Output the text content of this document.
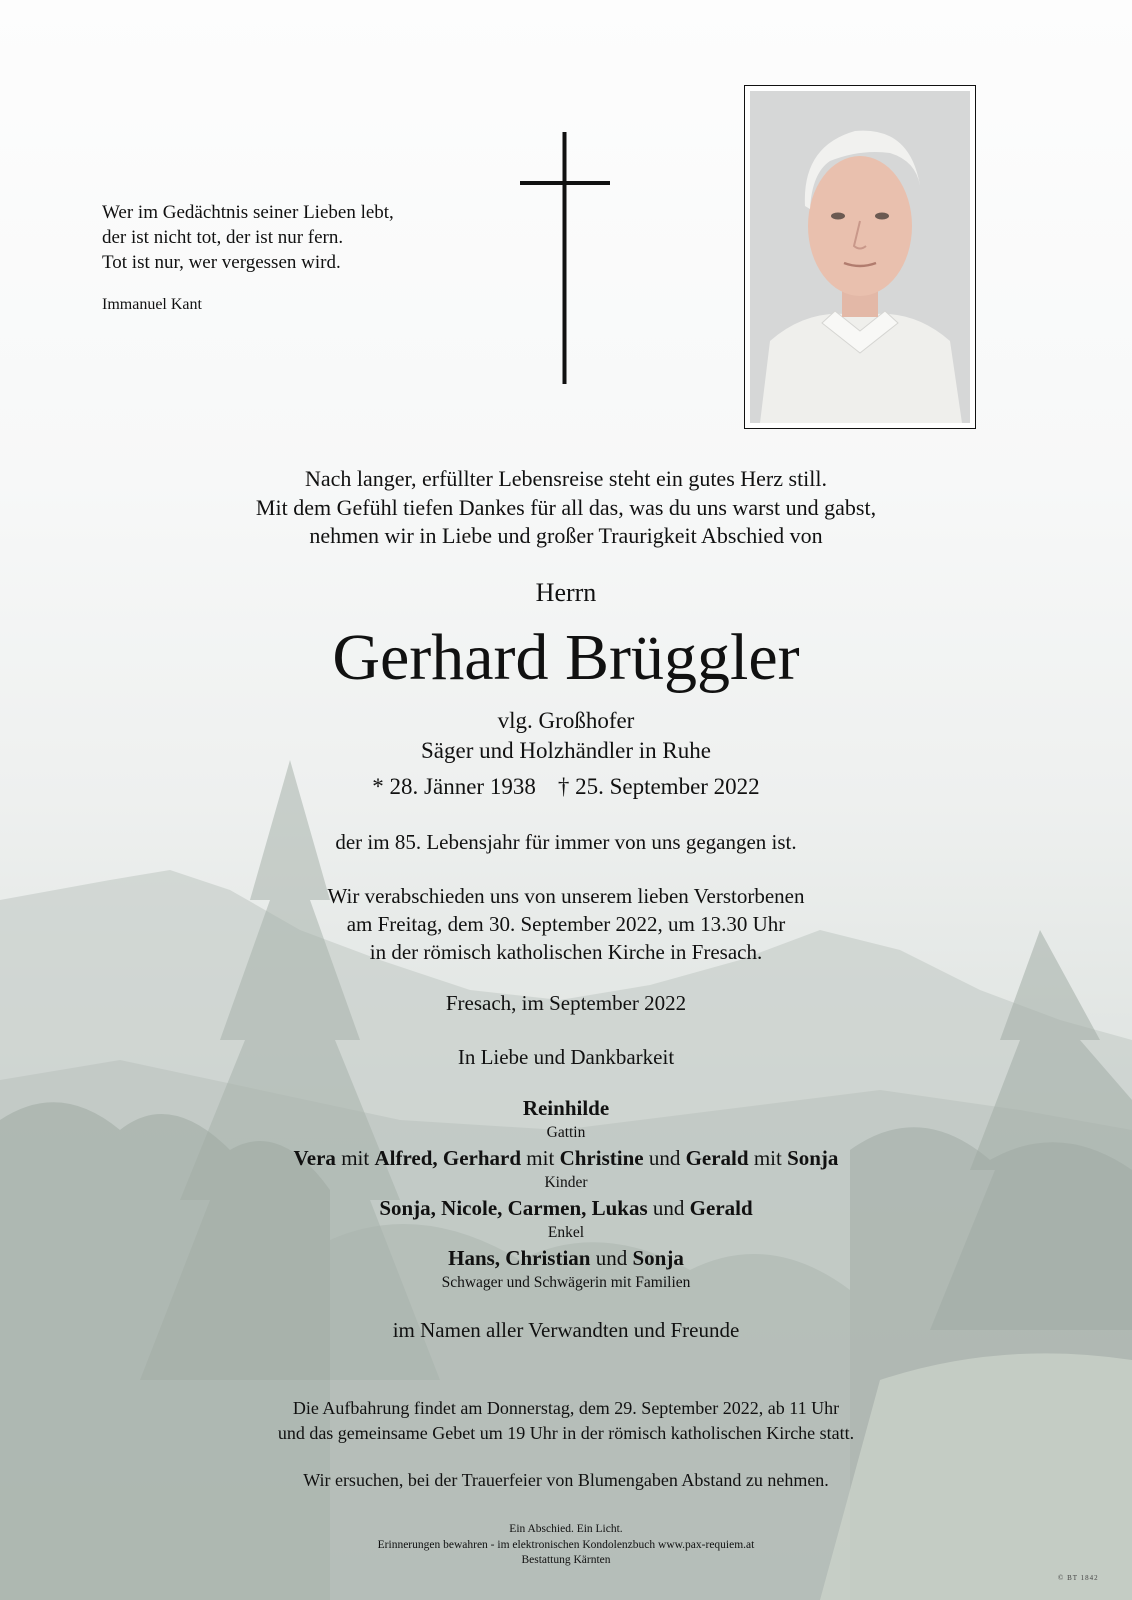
Wer im Gedächtnis seiner Lieben lebt,
der ist nicht tot, der ist nur fern.
Tot ist nur, wer vergessen wird.
Immanuel Kant
Nach langer, erfüllter Lebensreise steht ein gutes Herz still.
Mit dem Gefühl tiefen Dankes für all das, was du uns warst und gabst,
nehmen wir in Liebe und großer Traurigkeit Abschied von
Herrn
Gerhard Brüggler
vlg. Großhofer
Säger und Holzhändler in Ruhe
* 28. Jänner 1938 † 25. September 2022
der im 85. Lebensjahr für immer von uns gegangen ist.
Wir verabschieden uns von unserem lieben Verstorbenen
am Freitag, dem 30. September 2022, um 13.30 Uhr
in der römisch katholischen Kirche in Fresach.
Fresach, im September 2022
In Liebe und Dankbarkeit
Reinhilde
Gattin
Vera mit Alfred, Gerhard mit Christine und Gerald mit Sonja
Kinder
Sonja, Nicole, Carmen, Lukas und Gerald
Enkel
Hans, Christian und Sonja
Schwager und Schwägerin mit Familien
im Namen aller Verwandten und Freunde
Die Aufbahrung findet am Donnerstag, dem 29. September 2022, ab 11 Uhr
und das gemeinsame Gebet um 19 Uhr in der römisch katholischen Kirche statt.
Wir ersuchen, bei der Trauerfeier von Blumengaben Abstand zu nehmen.
Ein Abschied. Ein Licht.
Erinnerungen bewahren - im elektronischen Kondolenzbuch www.pax-requiem.at
Bestattung Kärnten
© BT 1842
